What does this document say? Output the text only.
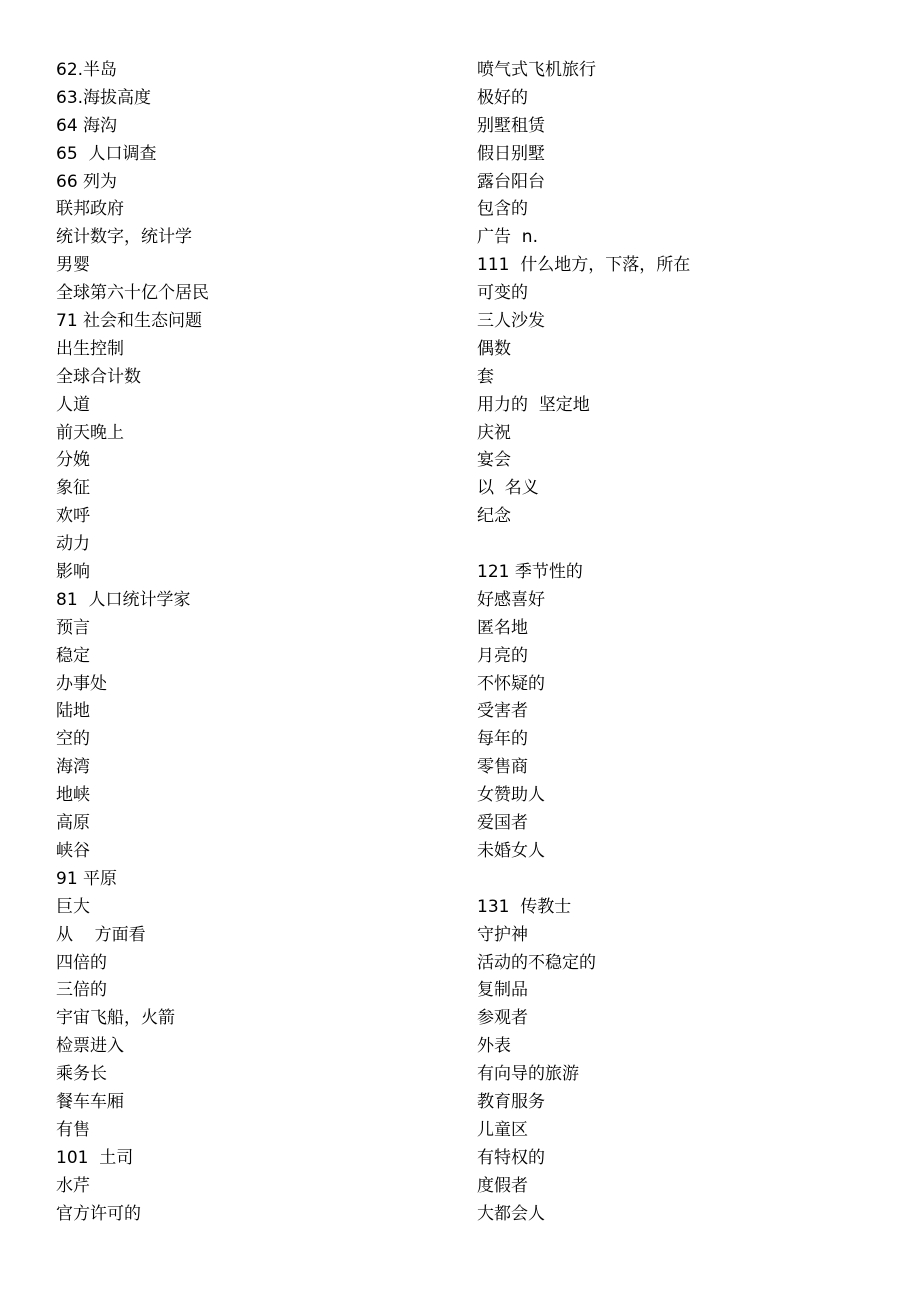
62.半岛
63.海拔高度
64 海沟
65  人口调查
66 列为
联邦政府
统计数字，统计学
男婴
全球第六十亿个居民
71 社会和生态问题
出生控制
全球合计数
人道
前天晚上
分娩
象征
欢呼
动力
影响
81  人口统计学家
预言
稳定
办事处
陆地
空的
海湾
地峡
高原
峡谷
91 平原
巨大
从    方面看
四倍的
三倍的
宇宙飞船，火箭
检票进入
乘务长
餐车车厢
有售
101  土司
水芹
官方许可的
喷气式飞机旅行
极好的
别墅租赁
假日别墅
露台阳台
包含的
广告  n.
111  什么地方，下落，所在
可变的
三人沙发
偶数
套
用力的  坚定地
庆祝
宴会
以  名义
纪念
121 季节性的
好感喜好
匿名地
月亮的
不怀疑的
受害者
每年的
零售商
女赞助人
爱国者
未婚女人
131  传教士
守护神
活动的不稳定的
复制品
参观者
外表
有向导的旅游
教育服务
儿童区
有特权的
度假者
大都会人
